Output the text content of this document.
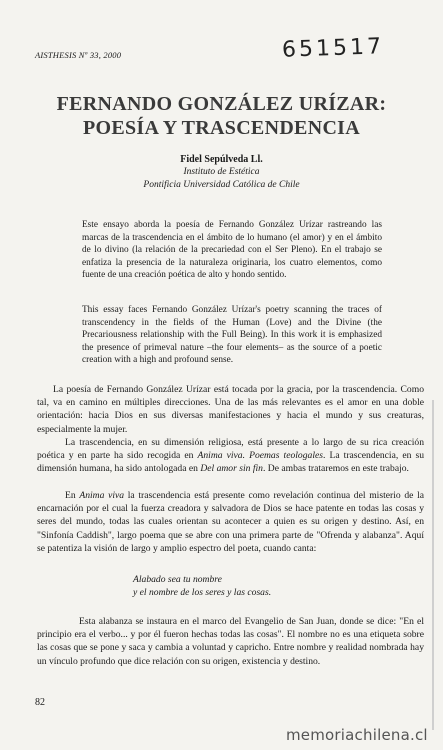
AISTHESIS Nº 33, 2000	651517
FERNANDO GONZÁLEZ URÍZAR:
POESÍA Y TRASCENDENCIA
Fidel Sepúlveda Ll.
Instituto de Estética
Pontificia Universidad Católica de Chile

Este ensayo aborda la poesía de Fernando González Urízar rastreando las marcas de la trascendencia en el ámbito de lo humano (el amor) y en el ámbito de lo divino (la relación de la precariedad con el Ser Pleno). En el trabajo se enfatiza la presencia de la naturaleza originaria, los cuatro elementos, como fuente de una creación poética de alto y hondo sentido.

This essay faces Fernando González Urízar's poetry scanning the traces of transcendency in the fields of the Human (Love) and the Divine (the Precariousness relationship with the Full Being). In this work it is emphasized the presence of primeval nature –the four elements– as the source of a poetic creation with a high and profound sense.

La poesía de Fernando González Urízar está tocada por la gracia, por la trascendencia. Como tal, va en camino en múltiples direcciones. Una de las más relevantes es el amor en una doble orientación: hacia Dios en sus diversas manifestaciones y hacia el mundo y sus creaturas, especialmente la mujer.

La trascendencia, en su dimensión religiosa, está presente a lo largo de su rica creación poética y en parte ha sido recogida en Anima viva. Poemas teologales. La trascendencia, en su dimensión humana, ha sido antologada en Del amor sin fin. De ambas trataremos en este trabajo.

En Anima viva la trascendencia está presente como revelación continua del misterio de la encarnación por el cual la fuerza creadora y salvadora de Dios se hace patente en todas las cosas y seres del mundo, todas las cuales orientan su acontecer a quien es su origen y destino. Así, en "Sinfonía Caddish", largo poema que se abre con una primera parte de "Ofrenda y alabanza". Aquí se patentiza la visión de largo y amplio espectro del poeta, cuando canta:

Alabado sea tu nombre
y el nombre de los seres y las cosas.

Esta alabanza se instaura en el marco del Evangelio de San Juan, donde se dice: "En el principio era el verbo... y por él fueron hechas todas las cosas". El nombre no es una etiqueta sobre las cosas que se pone y saca y cambia a voluntad y capricho. Entre nombre y realidad nombrada hay un vínculo profundo que dice relación con su origen, existencia y destino.

82
memoriachilena.cl
